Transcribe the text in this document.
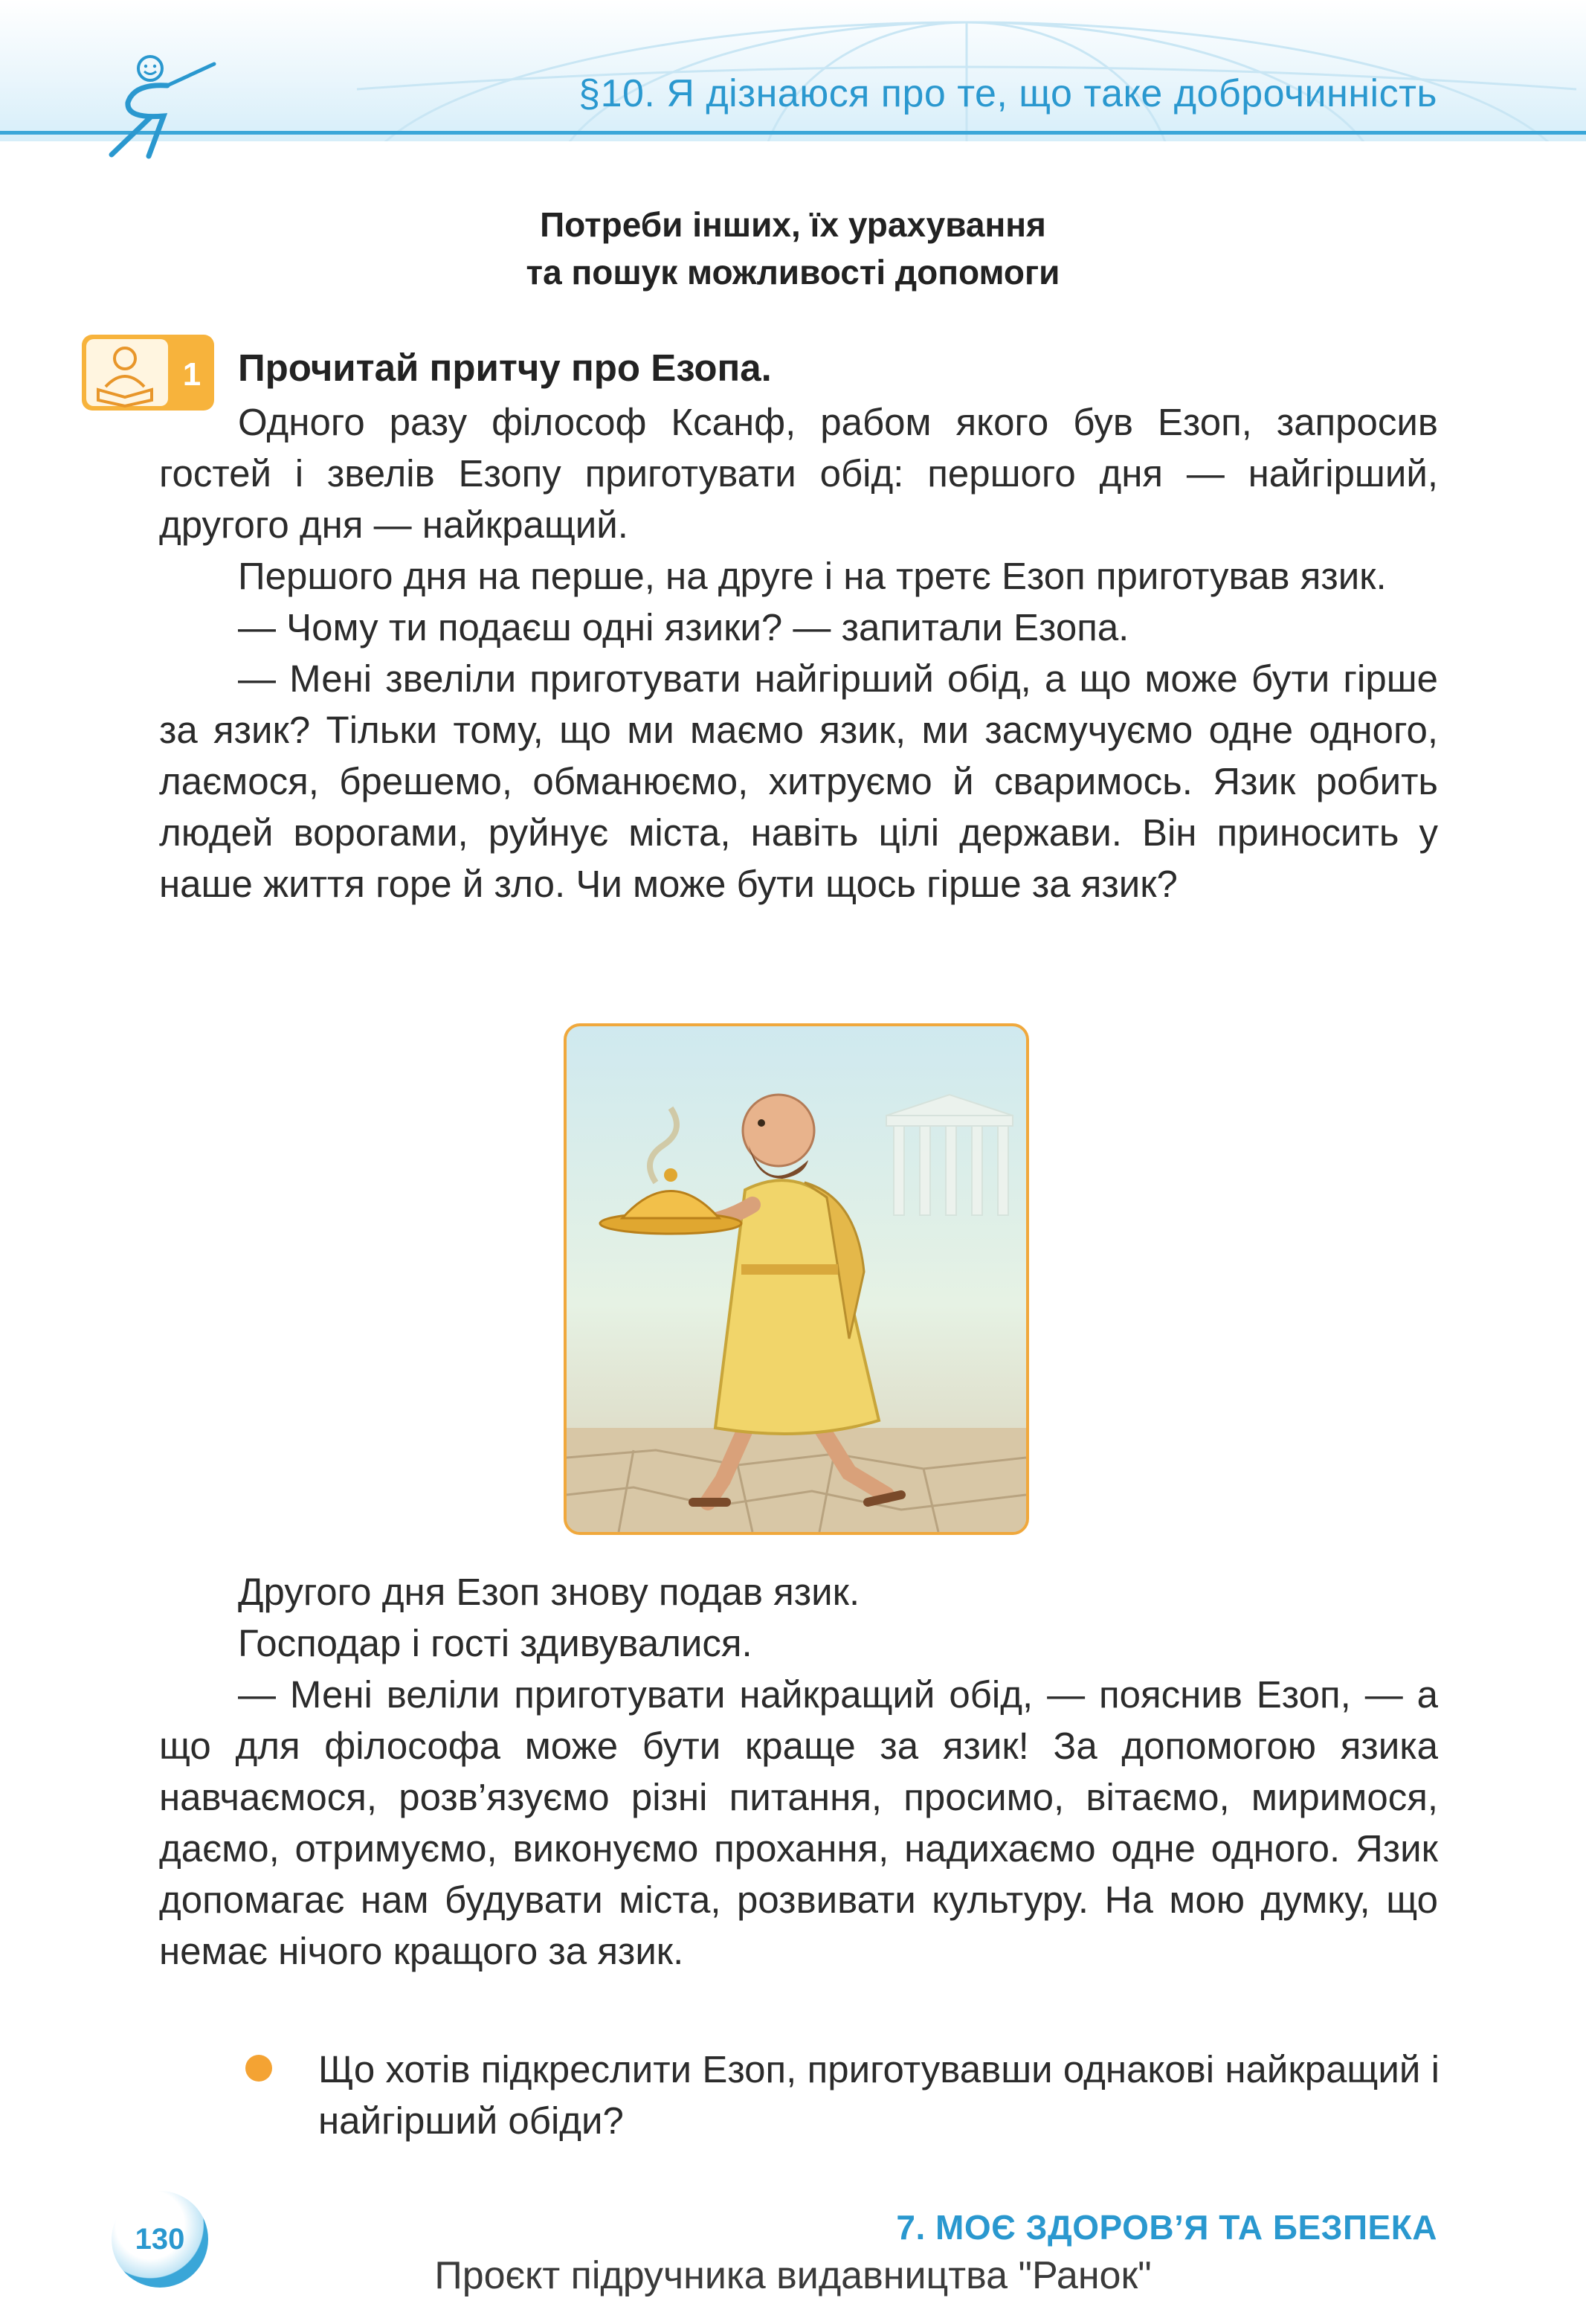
§10. Я дізнаюся про те, що таке доброчинність
Потреби інших, їх урахування
та пошук можливості допомоги
1 Прочитай притчу про Езопа.

Одного разу філософ Ксанф, рабом якого був Езоп, запросив гостей і звелів Езопу приготувати обід: першого дня — найгірший, другого дня — найкращий.

Першого дня на перше, на друге і на третє Езоп приготував язик.

— Чому ти подаєш одні язики? — запитали Езопа.

— Мені звеліли приготувати найгірший обід, а що може бути гірше за язик? Тільки тому, що ми маємо язик, ми засмучуємо одне одного, лаємося, брешемо, обманюємо, хитруємо й сваримось. Язик робить людей ворогами, руйнує міста, навіть цілі держави. Він приносить у наше життя горе й зло. Чи може бути щось гірше за язик?

Другого дня Езоп знову подав язик.

Господар і гості здивувалися.

— Мені веліли приготувати найкращий обід, — пояснив Езоп, — а що для філософа може бути краще за язик! За допомогою язика навчаємося, розв’язуємо різні питання, просимо, вітаємо, миримося, даємо, отримуємо, виконуємо прохання, надихаємо одне одного. Язик допомагає нам будувати міста, розвивати культуру. На мою думку, що немає нічого кращого за язик.

Що хотів підкреслити Езоп, приготувавши однакові найкращий і найгірший обіди?
130	7. МОЄ ЗДОРОВ’Я ТА БЕЗПЕКА
Проєкт підручника видавництва "Ранок"
